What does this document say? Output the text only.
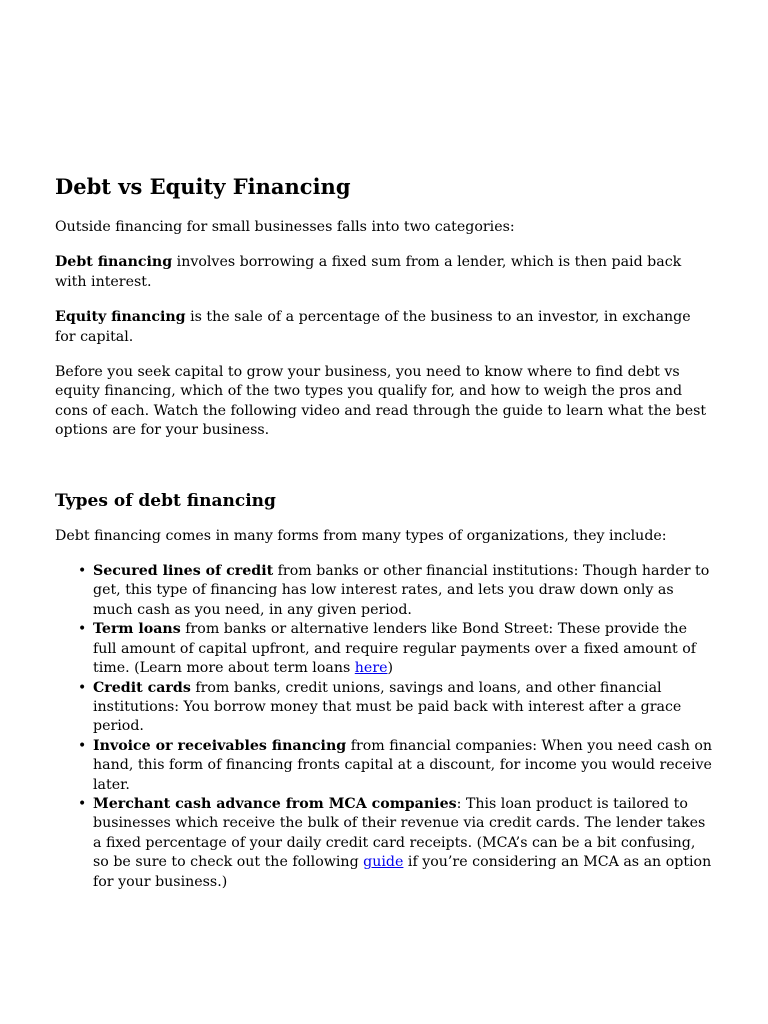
Debt vs Equity Financing

Outside financing for small businesses falls into two categories:

Debt financing involves borrowing a fixed sum from a lender, which is then paid back with interest.

Equity financing is the sale of a percentage of the business to an investor, in exchange for capital.

Before you seek capital to grow your business, you need to know where to find debt vs equity financing, which of the two types you qualify for, and how to weigh the pros and cons of each. Watch the following video and read through the guide to learn what the best options are for your business.

Types of debt financing

Debt financing comes in many forms from many types of organizations, they include:

• Secured lines of credit from banks or other financial institutions: Though harder to get, this type of financing has low interest rates, and lets you draw down only as much cash as you need, in any given period.
• Term loans from banks or alternative lenders like Bond Street: These provide the full amount of capital upfront, and require regular payments over a fixed amount of time. (Learn more about term loans here)
• Credit cards from banks, credit unions, savings and loans, and other financial institutions: You borrow money that must be paid back with interest after a grace period.
• Invoice or receivables financing from financial companies: When you need cash on hand, this form of financing fronts capital at a discount, for income you would receive later.
• Merchant cash advance from MCA companies: This loan product is tailored to businesses which receive the bulk of their revenue via credit cards. The lender takes a fixed percentage of your daily credit card receipts. (MCA’s can be a bit confusing, so be sure to check out the following guide if you’re considering an MCA as an option for your business.)
